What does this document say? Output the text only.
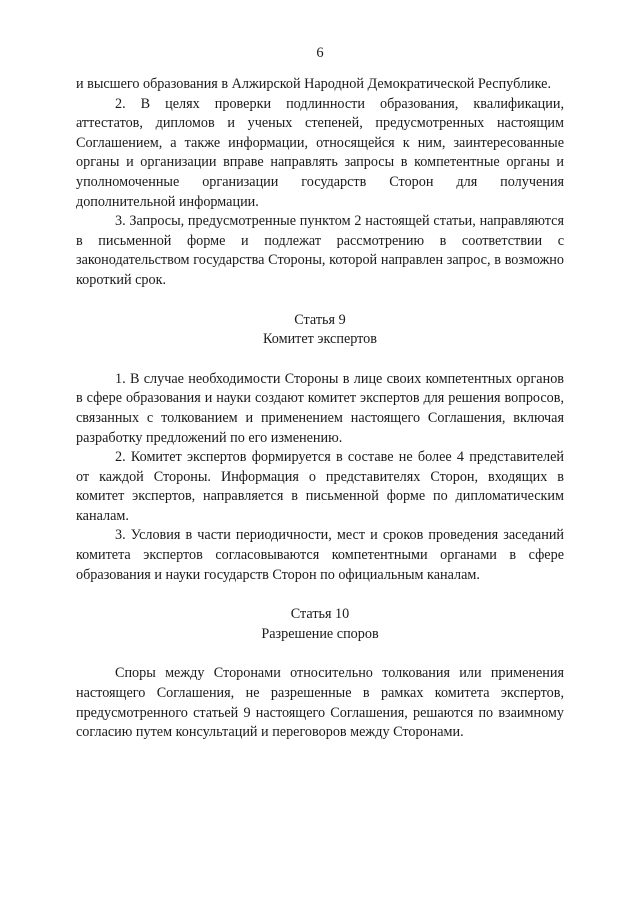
6

и высшего образования в Алжирской Народной Демократической Республике.

2. В целях проверки подлинности образования, квалификации, аттестатов, дипломов и ученых степеней, предусмотренных настоящим Соглашением, а также информации, относящейся к ним, заинтересованные органы и организации вправе направлять запросы в компетентные органы и уполномоченные организации государств Сторон для получения дополнительной информации.

3. Запросы, предусмотренные пунктом 2 настоящей статьи, направляются в письменной форме и подлежат рассмотрению в соответствии с законодательством государства Стороны, которой направлен запрос, в возможно короткий срок.

Статья 9

Комитет экспертов

1. В случае необходимости Стороны в лице своих компетентных органов в сфере образования и науки создают комитет экспертов для решения вопросов, связанных с толкованием и применением настоящего Соглашения, включая разработку предложений по его изменению.

2. Комитет экспертов формируется в составе не более 4 представителей от каждой Стороны. Информация о представителях Сторон, входящих в комитет экспертов, направляется в письменной форме по дипломатическим каналам.

3. Условия в части периодичности, мест и сроков проведения заседаний комитета экспертов согласовываются компетентными органами в сфере образования и науки государств Сторон по официальным каналам.

Статья 10

Разрешение споров

Споры между Сторонами относительно толкования или применения настоящего Соглашения, не разрешенные в рамках комитета экспертов, предусмотренного статьей 9 настоящего Соглашения, решаются по взаимному согласию путем консультаций и переговоров между Сторонами.
